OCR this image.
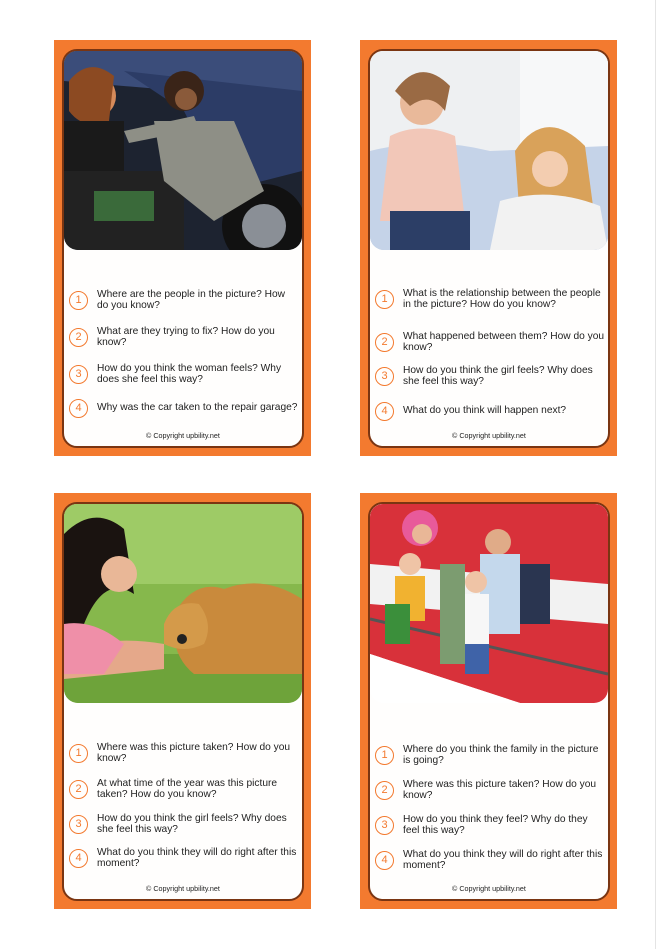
1	Where are the people in the picture? How do you know?
2	What are they trying to fix? How do you know?
3	How do you think the woman feels? Why does she feel this way?
4	Why was the car taken to the repair garage?
© Copyright upbility.net
1	What is the relationship between the people in the picture? How do you know?
2	What happened between them? How do you know?
3	How do you think the girl feels? Why does she feel this way?
4	What do you think will happen next?
© Copyright upbility.net
1	Where was this picture taken? How do you know?
2	At what time of the year was this picture taken? How do you know?
3	How do you think the girl feels? Why does she feel this way?
4	What do you think they will do right after this moment?
© Copyright upbility.net
1	Where do you think the family in the picture is going?
2	Where was this picture taken? How do you know?
3	How do you think they feel? Why do they feel this way?
4	What do you think they will do right after this moment?
© Copyright upbility.net
